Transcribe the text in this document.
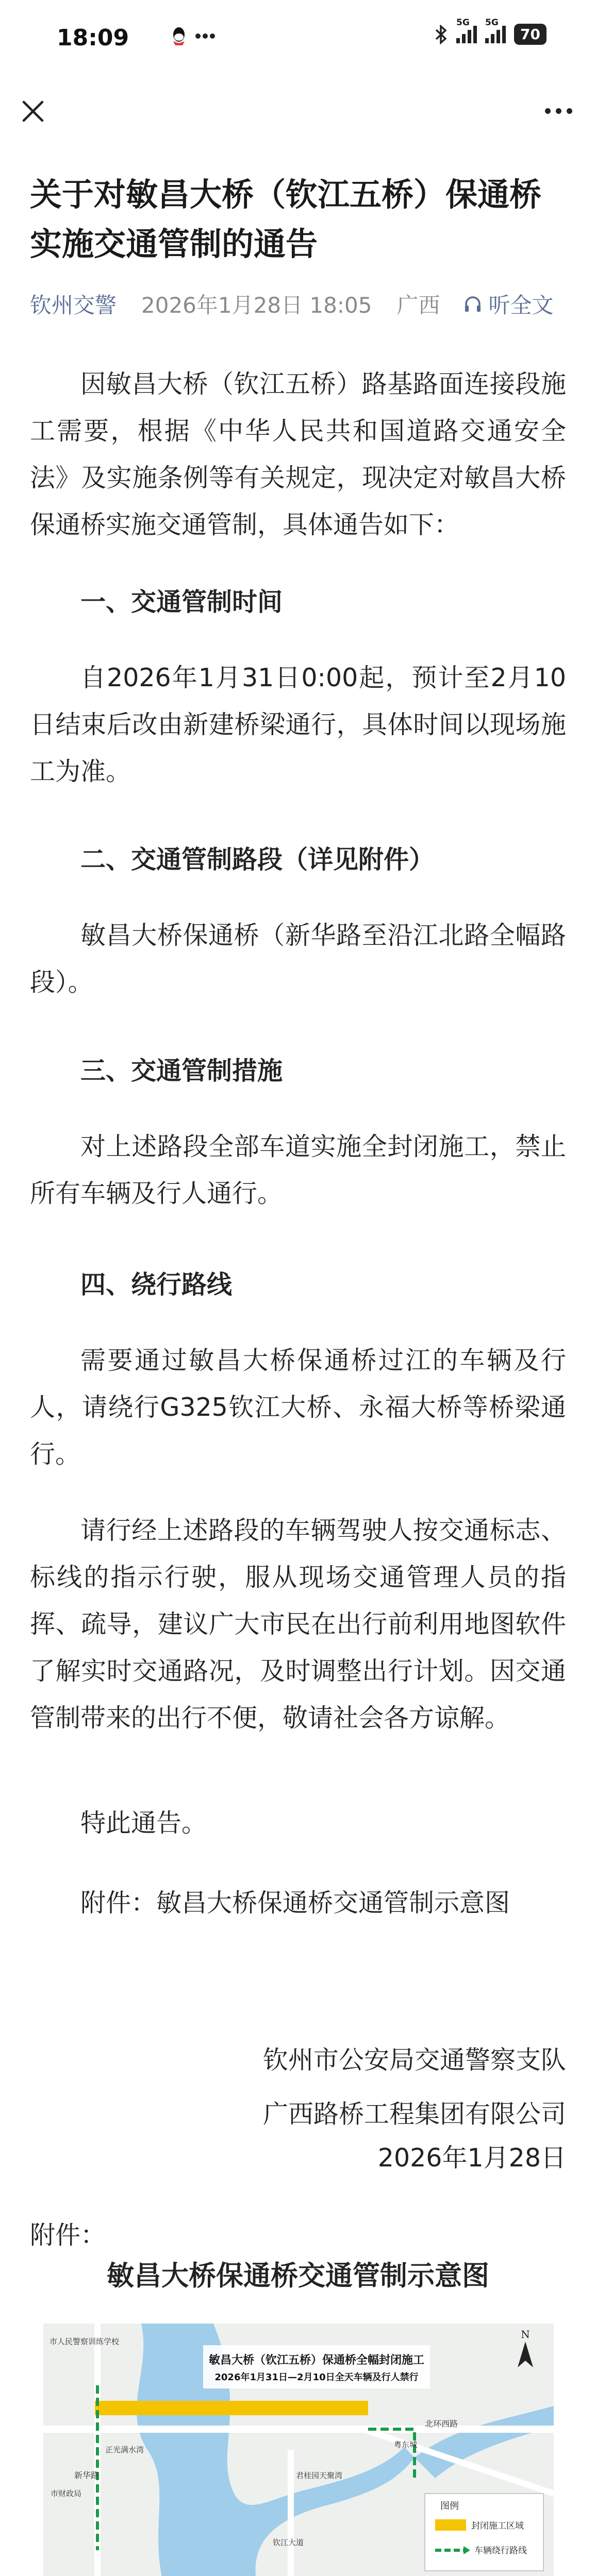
18:09
5G 5G
70
关于对敏昌大桥（钦江五桥）保通桥实施交通管制的通告
钦州交警 2026年1月28日 18:05 广西 听全文

因敏昌大桥（钦江五桥）路基路面连接段施工需要，根据《中华人民共和国道路交通安全法》及实施条例等有关规定，现决定对敏昌大桥保通桥实施交通管制，具体通告如下：

一、交通管制时间

自2026年1月31日0:00起，预计至2月10日结束后改由新建桥梁通行，具体时间以现场施工为准。

二、交通管制路段（详见附件）

敏昌大桥保通桥（新华路至沿江北路全幅路段）。

三、交通管制措施

对上述路段全部车道实施全封闭施工，禁止所有车辆及行人通行。

四、绕行路线

需要通过敏昌大桥保通桥过江的车辆及行人，请绕行G325钦江大桥、永福大桥等桥梁通行。

请行经上述路段的车辆驾驶人按交通标志、标线的指示行驶，服从现场交通管理人员的指挥、疏导，建议广大市民在出行前利用地图软件了解实时交通路况，及时调整出行计划。因交通管制带来的出行不便，敬请社会各方谅解。

特此通告。

附件：敏昌大桥保通桥交通管制示意图

钦州市公安局交通警察支队

广西路桥工程集团有限公司

2026年1月28日

附件：

敏昌大桥保通桥交通管制示意图

敏昌大桥（钦江五桥）保通桥全幅封闭施工
2026年1月31日—2月10日全天车辆及行人禁行
N
市人民警察训练学校
新华路
正光满水湾
市财政局
北环西路
钦江大道
君桂园天聚湾
粤东城
图例
封闭施工区域
车辆绕行路线
